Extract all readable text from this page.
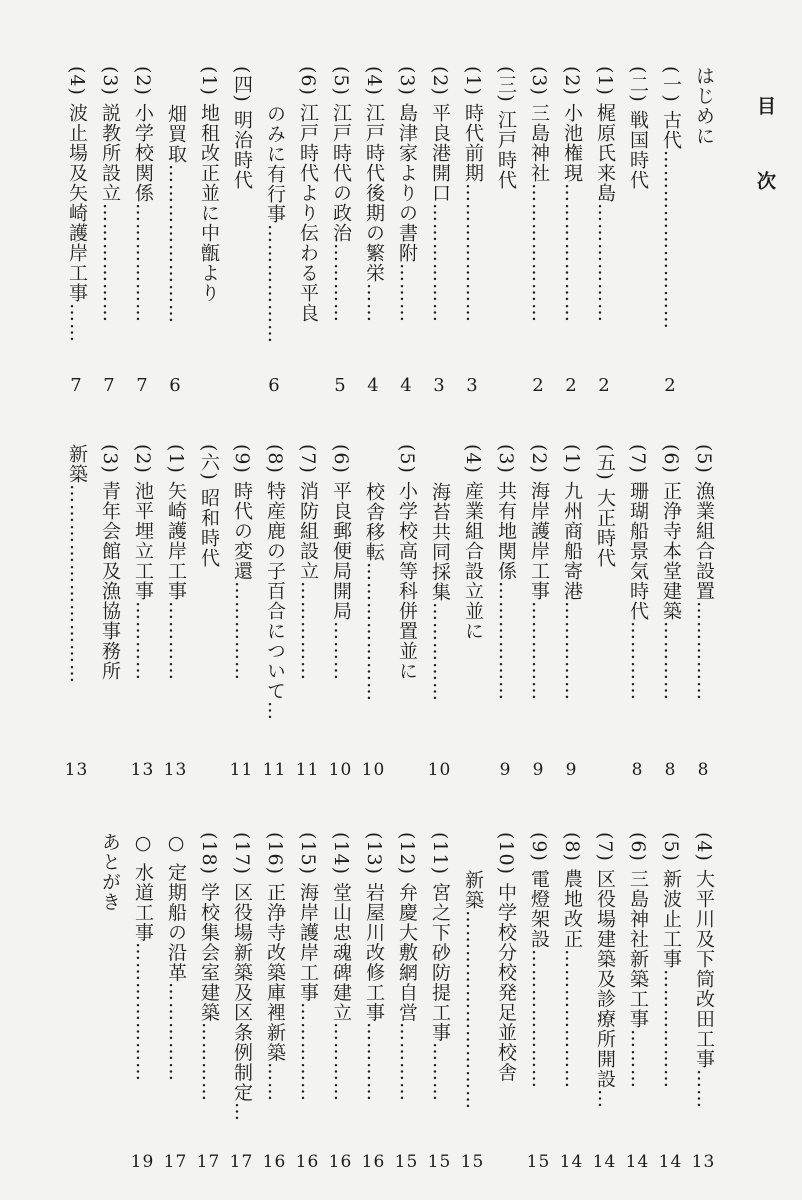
目次
はじめに
(一) 古代………………………
2
(二) 戦国時代
(1) 梶原氏来島………………
2
(2) 小池権現…………………
2
(3) 三島神社…………………
2
(三) 江戸時代
(1) 時代前期…………………
3
(2) 平良港開口………………
3
(3) 島津家よりの書附………
4
(4) 江戸時代後期の繁栄……
4
(5) 江戸時代の政治…………
5
(6) 江戸時代より伝わる平良
のみに有行事………………
6
(四) 明治時代
(1) 地租改正並に中甑より
畑買取……………………
6
(2) 小学校関係………………
7
(3) 説教所設立………………
7
(4) 波止場及矢崎護岸工事……
7
(5) 漁業組合設置……………
8
(6) 正浄寺本堂建築…………
8
(7) 珊瑚船景気時代…………
8
(五) 大正時代
(1) 九州商船寄港……………
9
(2) 海岸護岸工事……………
9
(3) 共有地関係………………
9
(4) 産業組合設立並に
海苔共同採集……………
10
(5) 小学校高等科併置並に
校舎移転…………………
10
(6) 平良郵便局開局………
10
(7) 消防組設立……………
11
(8) 特産鹿の子百合について…
11
(9) 時代の変還……………
11
(六) 昭和時代
(1) 矢崎護岸工事…………
13
(2) 池平埋立工事…………
13
(3) 青年会館及漁協事務所
新築…………………………
13
(4) 大平川及下筒改田工事……
13
(5) 新波止工事………………
14
(6) 三島神社新築工事………
14
(7) 区役場建築及診療所開設…
14
(8) 農地改正…………………
14
(9) 電燈架設…………………
15
(10) 中学校分校発足並校舎
新築…………………………
15
(11) 宮之下砂防提工事………
15
(12) 弁慶大敷網自営…………
15
(13) 岩屋川改修工事…………
16
(14) 堂山忠魂碑建立…………
16
(15) 海岸護岸工事……………
16
(16) 正浄寺改築庫裡新築……
16
(17) 区役場新築及区条例制定…
17
(18) 学校集会室建築…………
17
○ 定期船の沿革……………
17
○ 水道工事…………………
19
あとがき
